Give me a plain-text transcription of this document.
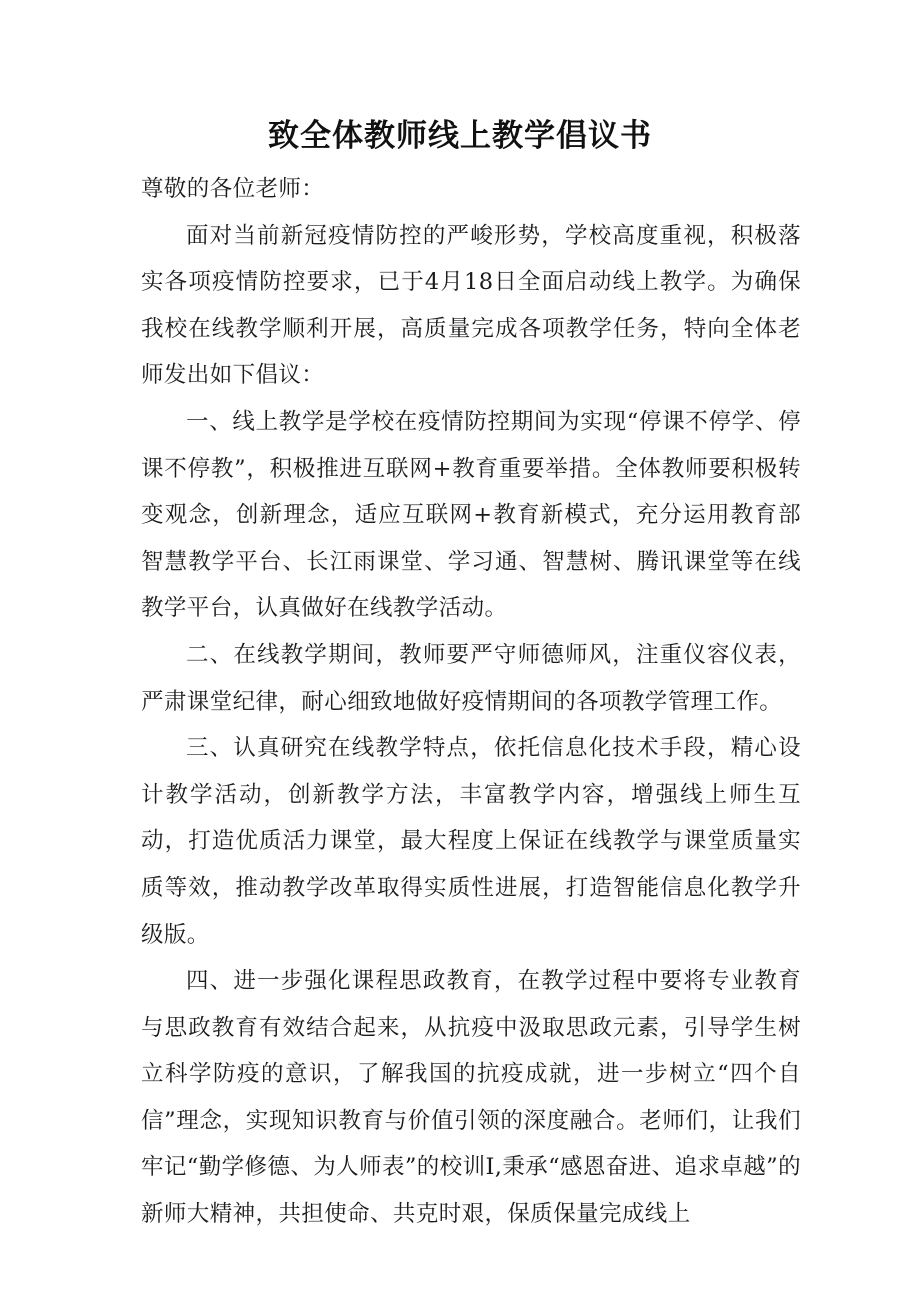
致全体教师线上教学倡议书

尊敬的各位老师：

面对当前新冠疫情防控的严峻形势，学校高度重视，积极落实各项疫情防控要求，已于4月18日全面启动线上教学。为确保我校在线教学顺利开展，高质量完成各项教学任务，特向全体老师发出如下倡议：

一、线上教学是学校在疫情防控期间为实现“停课不停学、停课不停教”，积极推进互联网+教育重要举措。全体教师要积极转变观念，创新理念，适应互联网+教育新模式，充分运用教育部智慧教学平台、长江雨课堂、学习通、智慧树、腾讯课堂等在线教学平台，认真做好在线教学活动。

二、在线教学期间，教师要严守师德师风，注重仪容仪表，严肃课堂纪律，耐心细致地做好疫情期间的各项教学管理工作。

三、认真研究在线教学特点，依托信息化技术手段，精心设计教学活动，创新教学方法，丰富教学内容，增强线上师生互动，打造优质活力课堂，最大程度上保证在线教学与课堂质量实质等效，推动教学改革取得实质性进展，打造智能信息化教学升级版。

四、进一步强化课程思政教育，在教学过程中要将专业教育与思政教育有效结合起来，从抗疫中汲取思政元素，引导学生树立科学防疫的意识，了解我国的抗疫成就，进一步树立“四个自信”理念，实现知识教育与价值引领的深度融合。老师们，让我们牢记“勤学修德、为人师表”的校训I,秉承“感恩奋进、追求卓越”的新师大精神，共担使命、共克时艰，保质保量完成线上
